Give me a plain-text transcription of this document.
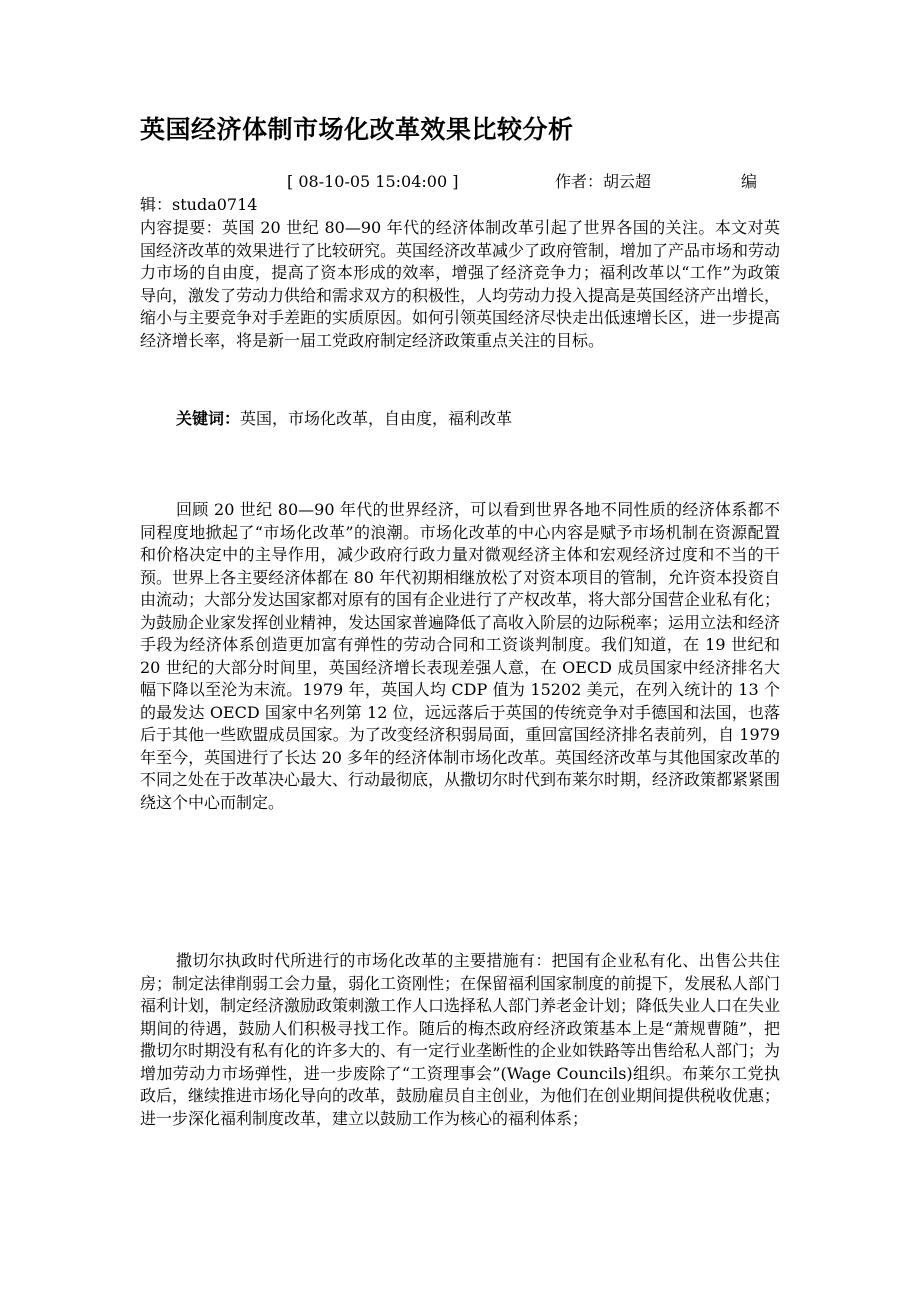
英国经济体制市场化改革效果比较分析
[ 08-10-05 15:04:00 ]	作者：胡云超	编
辑：studa0714
内容提要：英国 20 世纪 80—90 年代的经济体制改革引起了世界各国的关注。本文对英国经济改革的效果进行了比较研究。英国经济改革减少了政府管制，增加了产品市场和劳动力市场的自由度，提高了资本形成的效率，增强了经济竞争力；福利改革以“工作”为政策导向，激发了劳动力供给和需求双方的积极性，人均劳动力投入提高是英国经济产出增长，缩小与主要竞争对手差距的实质原因。如何引领英国经济尽快走出低速增长区，进一步提高经济增长率，将是新一届工党政府制定经济政策重点关注的目标。
关键词：英国，市场化改革，自由度，福利改革
回顾 20 世纪 80—90 年代的世界经济，可以看到世界各地不同性质的经济体系都不同程度地掀起了“市场化改革”的浪潮。市场化改革的中心内容是赋予市场机制在资源配置和价格决定中的主导作用，减少政府行政力量对微观经济主体和宏观经济过度和不当的干预。世界上各主要经济体都在 80 年代初期相继放松了对资本项目的管制，允许资本投资自由流动；大部分发达国家都对原有的国有企业进行了产权改革，将大部分国营企业私有化；为鼓励企业家发挥创业精神，发达国家普遍降低了高收入阶层的边际税率；运用立法和经济手段为经济体系创造更加富有弹性的劳动合同和工资谈判制度。我们知道，在 19 世纪和 20 世纪的大部分时间里，英国经济增长表现差强人意，在 OECD 成员国家中经济排名大幅下降以至沦为末流。1979 年，英国人均 CDP 值为 15202 美元，在列入统计的 13 个的最发达 OECD 国家中名列第 12 位，远远落后于英国的传统竞争对手德国和法国，也落后于其他一些欧盟成员国家。为了改变经济积弱局面，重回富国经济排名表前列，自 1979 年至今，英国进行了长达 20 多年的经济体制市场化改革。英国经济改革与其他国家改革的不同之处在于改革决心最大、行动最彻底，从撒切尔时代到布莱尔时期，经济政策都紧紧围绕这个中心而制定。
撒切尔执政时代所进行的市场化改革的主要措施有：把国有企业私有化、出售公共住房；制定法律削弱工会力量，弱化工资刚性；在保留福利国家制度的前提下，发展私人部门福利计划，制定经济激励政策刺激工作人口选择私人部门养老金计划；降低失业人口在失业期间的待遇，鼓励人们积极寻找工作。随后的梅杰政府经济政策基本上是“萧规曹随”，把撒切尔时期没有私有化的许多大的、有一定行业垄断性的企业如铁路等出售给私人部门；为增加劳动力市场弹性，进一步废除了“工资理事会”(Wage Councils)组织。布莱尔工党执政后，继续推进市场化导向的改革，鼓励雇员自主创业，为他们在创业期间提供税收优惠；进一步深化福利制度改革，建立以鼓励工作为核心的福利体系；
